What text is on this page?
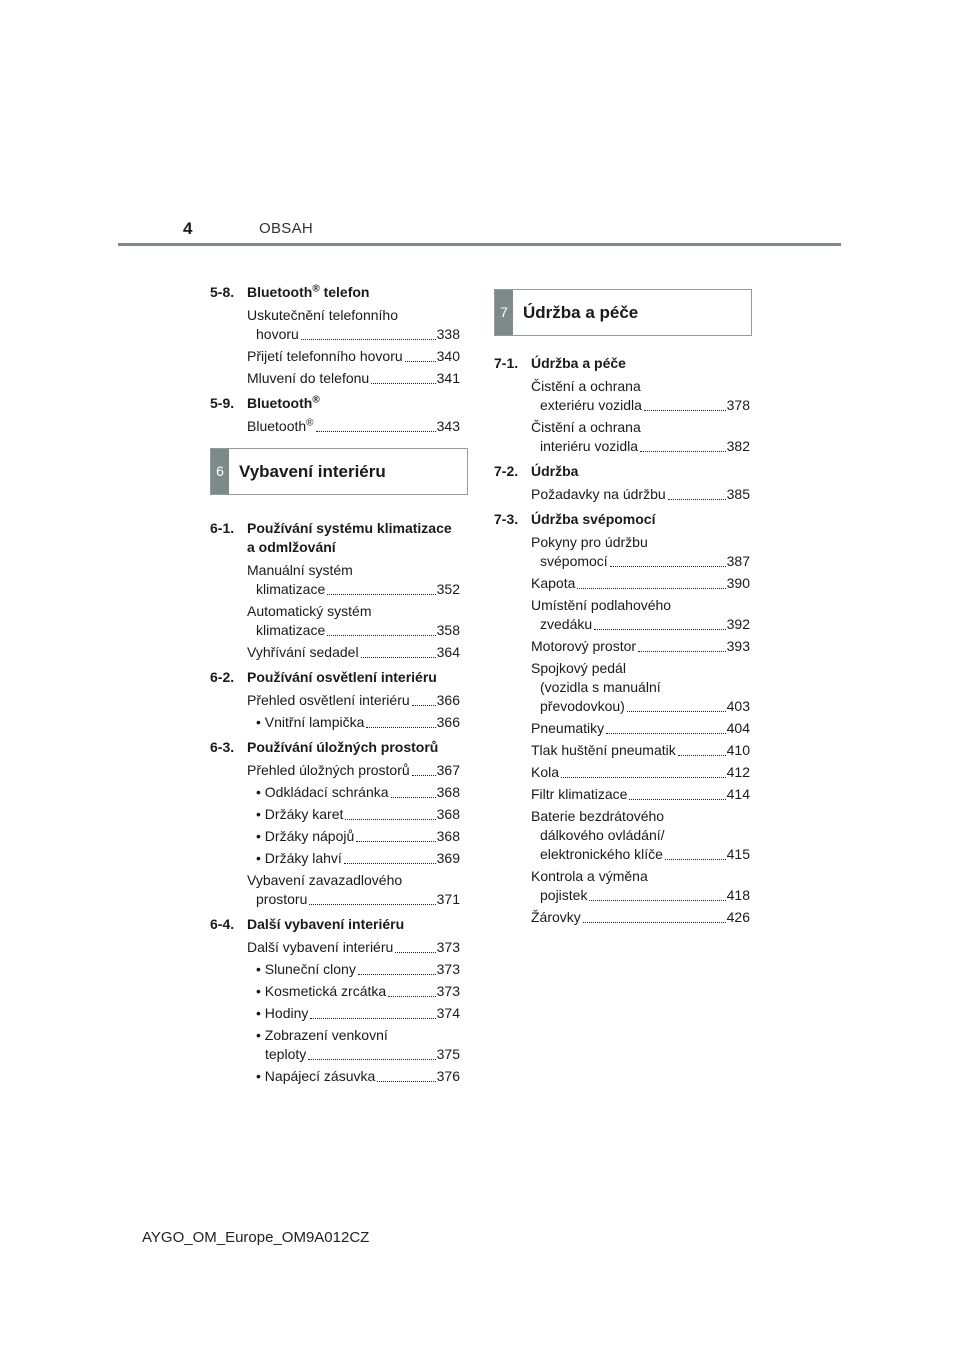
4	OBSAH
5-8. Bluetooth® telefon
Uskutečnění telefonního
hovoru	338
Přijetí telefonního hovoru 340
Mluvení do telefonu	341
5-9. Bluetooth®
Bluetooth®	343
6 Vybavení interiéru
6-1. Používání systému klimatizace a odmlžování
Manuální systém
klimatizace	352
Automatický systém
klimatizace	358
Vyhřívání sedadel	364
6-2. Používání osvětlení interiéru
Přehled osvětlení interiéru 366
• Vnitřní lampička	366
6-3. Používání úložných prostorů
Přehled úložných prostorů 367
• Odkládací schránka	368
• Držáky karet	368
• Držáky nápojů	368
• Držáky lahví	369
Vybavení zavazadlového
prostoru	371
6-4. Další vybavení interiéru
Další vybavení interiéru	373
• Sluneční clony	373
• Kosmetická zrcátka	373
• Hodiny	374
• Zobrazení venkovní
teploty	375
• Napájecí zásuvka	376
7 Údržba a péče
7-1. Údržba a péče
Čistění a ochrana
exteriéru vozidla	378
Čistění a ochrana
interiéru vozidla	382
7-2. Údržba
Požadavky na údržbu	385
7-3. Údržba svépomocí
Pokyny pro údržbu
svépomocí	387
Kapota	390
Umístění podlahového
zvedáku	392
Motorový prostor	393
Spojkový pedál
(vozidla s manuální
převodovkou)	403
Pneumatiky	404
Tlak huštění pneumatik	410
Kola	412
Filtr klimatizace	414
Baterie bezdrátového
dálkového ovládání/
elektronického klíče	415
Kontrola a výměna
pojistek	418
Žárovky	426
AYGO_OM_Europe_OM9A012CZ
